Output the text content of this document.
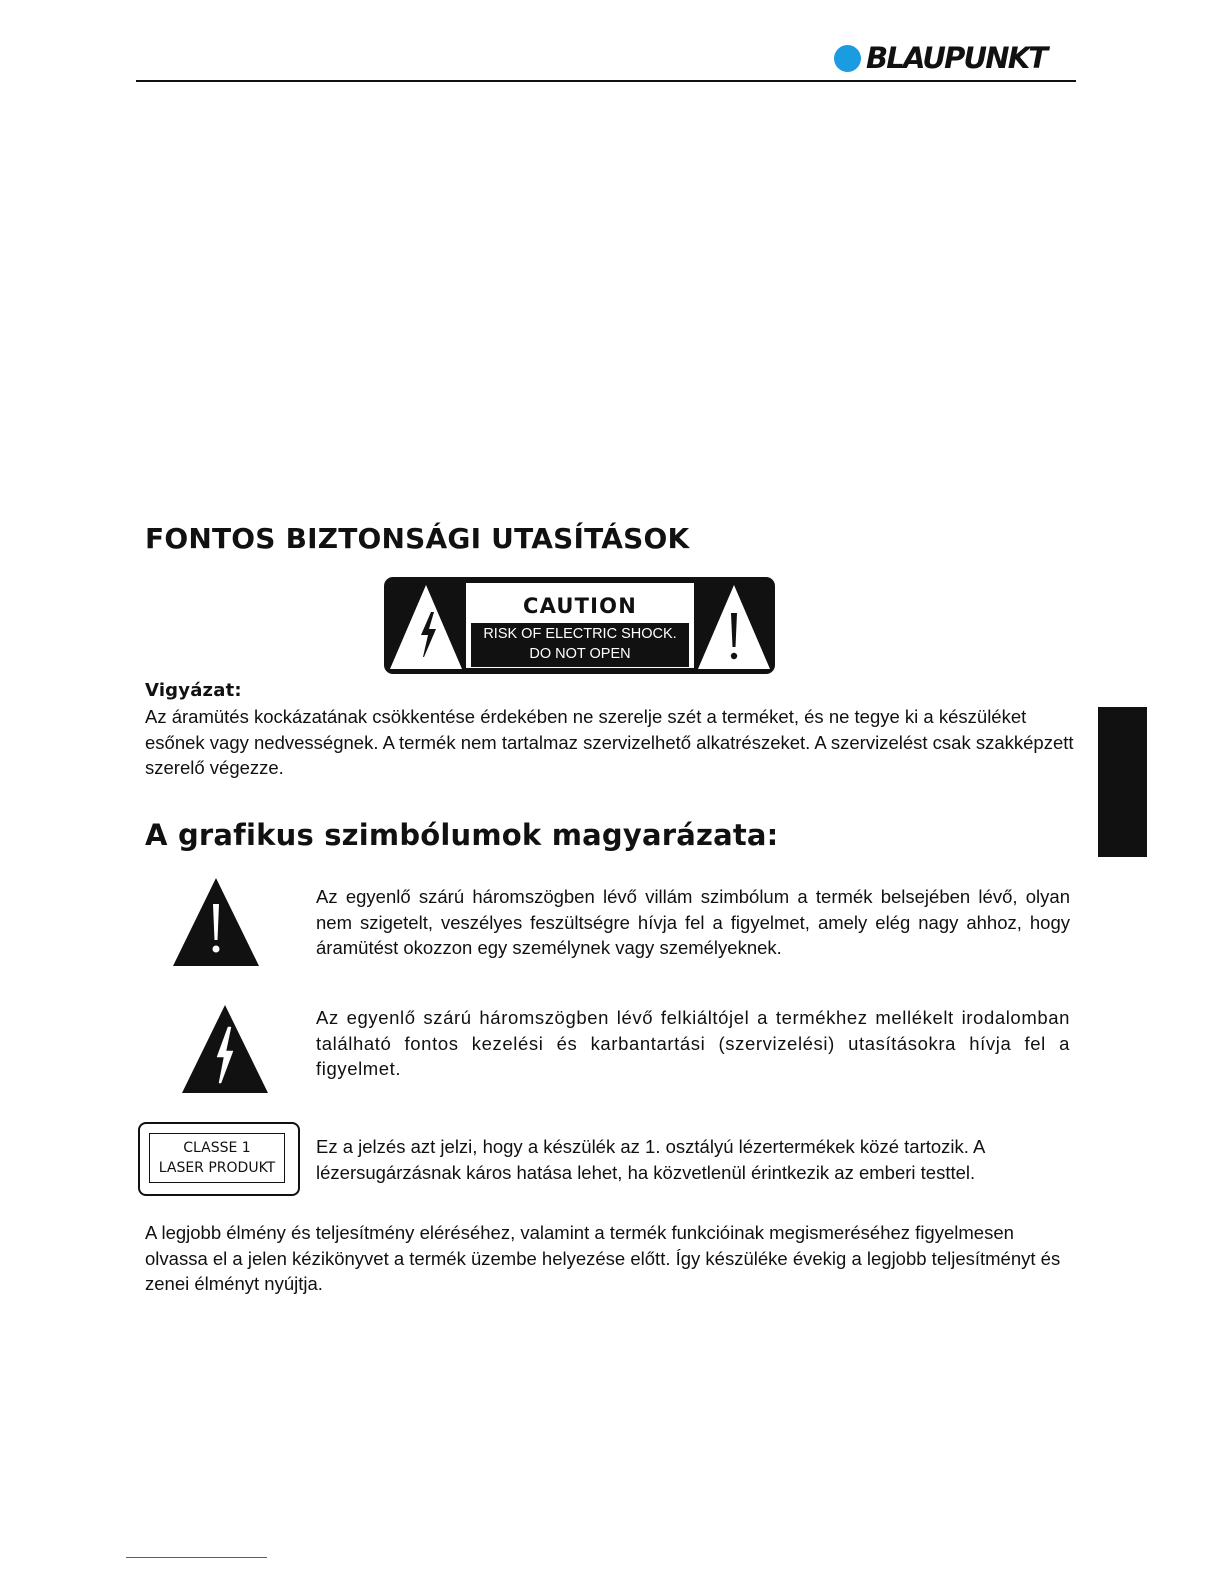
BLAUPUNKT
FONTOS BIZTONSÁGI UTASÍTÁSOK
CAUTION
RISK OF ELECTRIC SHOCK.
DO NOT OPEN
Vigyázat:

Az áramütés kockázatának csökkentése érdekében ne szerelje szét a terméket, és ne tegye ki a készüléket esőnek vagy nedvességnek. A termék nem tartalmaz szervizelhető alkatrészeket. A szervizelést csak szakképzett szerelő végezze.

A grafikus szimbólumok magyarázata:

Az egyenlő szárú háromszögben lévő villám szimbólum a termék belsejében lévő, olyan nem szigetelt, veszélyes feszültségre hívja fel a figyelmet, amely elég nagy ahhoz, hogy áramütést okozzon egy személynek vagy személyeknek.

Az egyenlő szárú háromszögben lévő felkiáltójel a termékhez mellékelt irodalomban található fontos kezelési és karbantartási (szervizelési) utasításokra hívja fel a figyelmet.

CLASSE 1
LASER PRODUKT

Ez a jelzés azt jelzi, hogy a készülék az 1. osztályú lézertermékek közé tartozik. A lézersugárzásnak káros hatása lehet, ha közvetlenül érintkezik az emberi testtel.

A legjobb élmény és teljesítmény eléréséhez, valamint a termék funkcióinak megismeréséhez figyelmesen olvassa el a jelen kézikönyvet a termék üzembe helyezése előtt. Így készüléke évekig a legjobb teljesítményt és zenei élményt nyújtja.
